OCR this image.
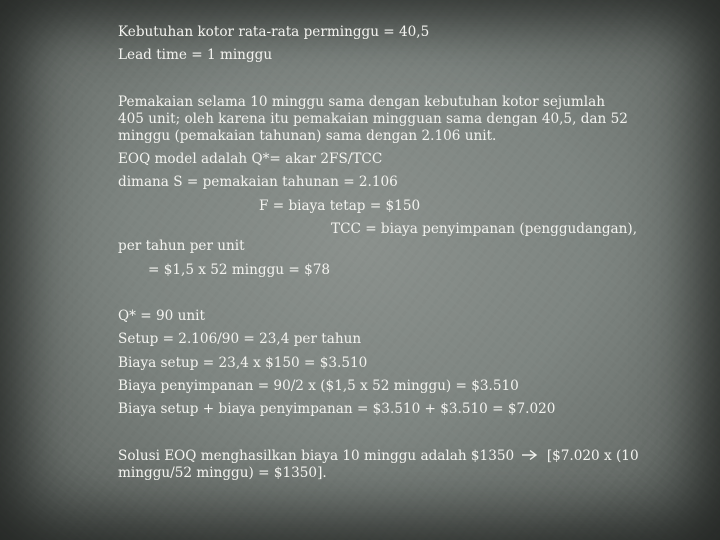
Kebutuhan kotor rata-rata perminggu = 40,5
Lead time = 1 minggu
Pemakaian selama 10 minggu sama dengan kebutuhan kotor sejumlah
405 unit; oleh karena itu pemakaian mingguan sama dengan 40,5, dan 52
minggu (pemakaian tahunan) sama dengan 2.106 unit.
EOQ model adalah Q*= akar 2FS/TCC
dimana S = pemakaian tahunan = 2.106
F = biaya tetap = $150
TCC = biaya penyimpanan (penggudangan),
per tahun per unit
= $1,5 x 52 minggu = $78
Q* = 90 unit
Setup = 2.106/90 = 23,4 per tahun
Biaya setup = 23,4 x $150 = $3.510
Biaya penyimpanan = 90/2 x ($1,5 x 52 minggu) = $3.510
Biaya setup + biaya penyimpanan = $3.510 + $3.510 = $7.020
Solusi EOQ menghasilkan biaya 10 minggu adalah $1350 [$7.020 x (10
minggu/52 minggu) = $1350].
